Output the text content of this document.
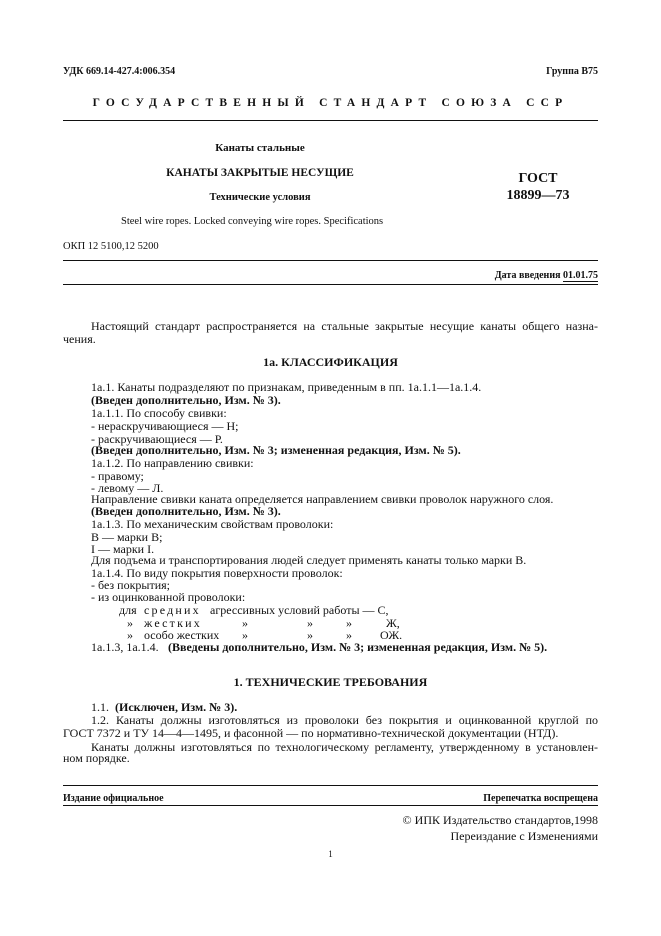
УДК 669.14-427.4:006.354	Группа В75
ГОСУДАРСТВЕННЫЙ СТАНДАРТ СОЮЗА ССР
Канаты стальные
КАНАТЫ ЗАКРЫТЫЕ НЕСУЩИЕ
Технические условия
ГОСТ
18899—73
Steel wire ropes. Locked conveying wire ropes. Specifications
ОКП 12 5100,12 5200
Дата введения 01.01.75
Настоящий стандарт распространяется на стальные закрытые несущие канаты общего назна-
чения.
1а. КЛАССИФИКАЦИЯ
1а.1. Канаты подразделяют по признакам, приведенным в пп. 1а.1.1—1а.1.4.
(Введен дополнительно, Изм. № 3).
1а.1.1. По способу свивки:
- нераскручивающиеся — Н;
- раскручивающиеся — Р.
(Введен дополнительно, Изм. № 3; измененная редакция, Изм. № 5).
1а.1.2. По направлению свивки:
- правому;
- левому — Л.
Направление свивки каната определяется направлением свивки проволок наружного слоя.
(Введен дополнительно, Изм. № 3).
1а.1.3. По механическим свойствам проволоки:
В — марки В;
I — марки I.
Для подъема и транспортирования людей следует применять канаты только марки В.
1а.1.4. По виду покрытия поверхности проволок:
- без покрытия;
- из оцинкованной проволоки:
для средних агрессивных условий работы — С,
» жестких	»	»	»	Ж,
» особо жестких »	»	» ОЖ.
1а.1.3, 1а.1.4. (Введены дополнительно, Изм. № 3; измененная редакция, Изм. № 5).
1. ТЕХНИЧЕСКИЕ ТРЕБОВАНИЯ
1.1. (Исключен, Изм. № 3).
1.2. Канаты должны изготовляться из проволоки без покрытия и оцинкованной круглой по
ГОСТ 7372 и ТУ 14—4—1495, и фасонной — по нормативно-технической документации (НТД).
Канаты должны изготовляться по технологическому регламенту, утвержденному в установлен-
ном порядке.
Издание официальное	Перепечатка воспрещена
© ИПК Издательство стандартов,1998
Переиздание с Изменениями
1
